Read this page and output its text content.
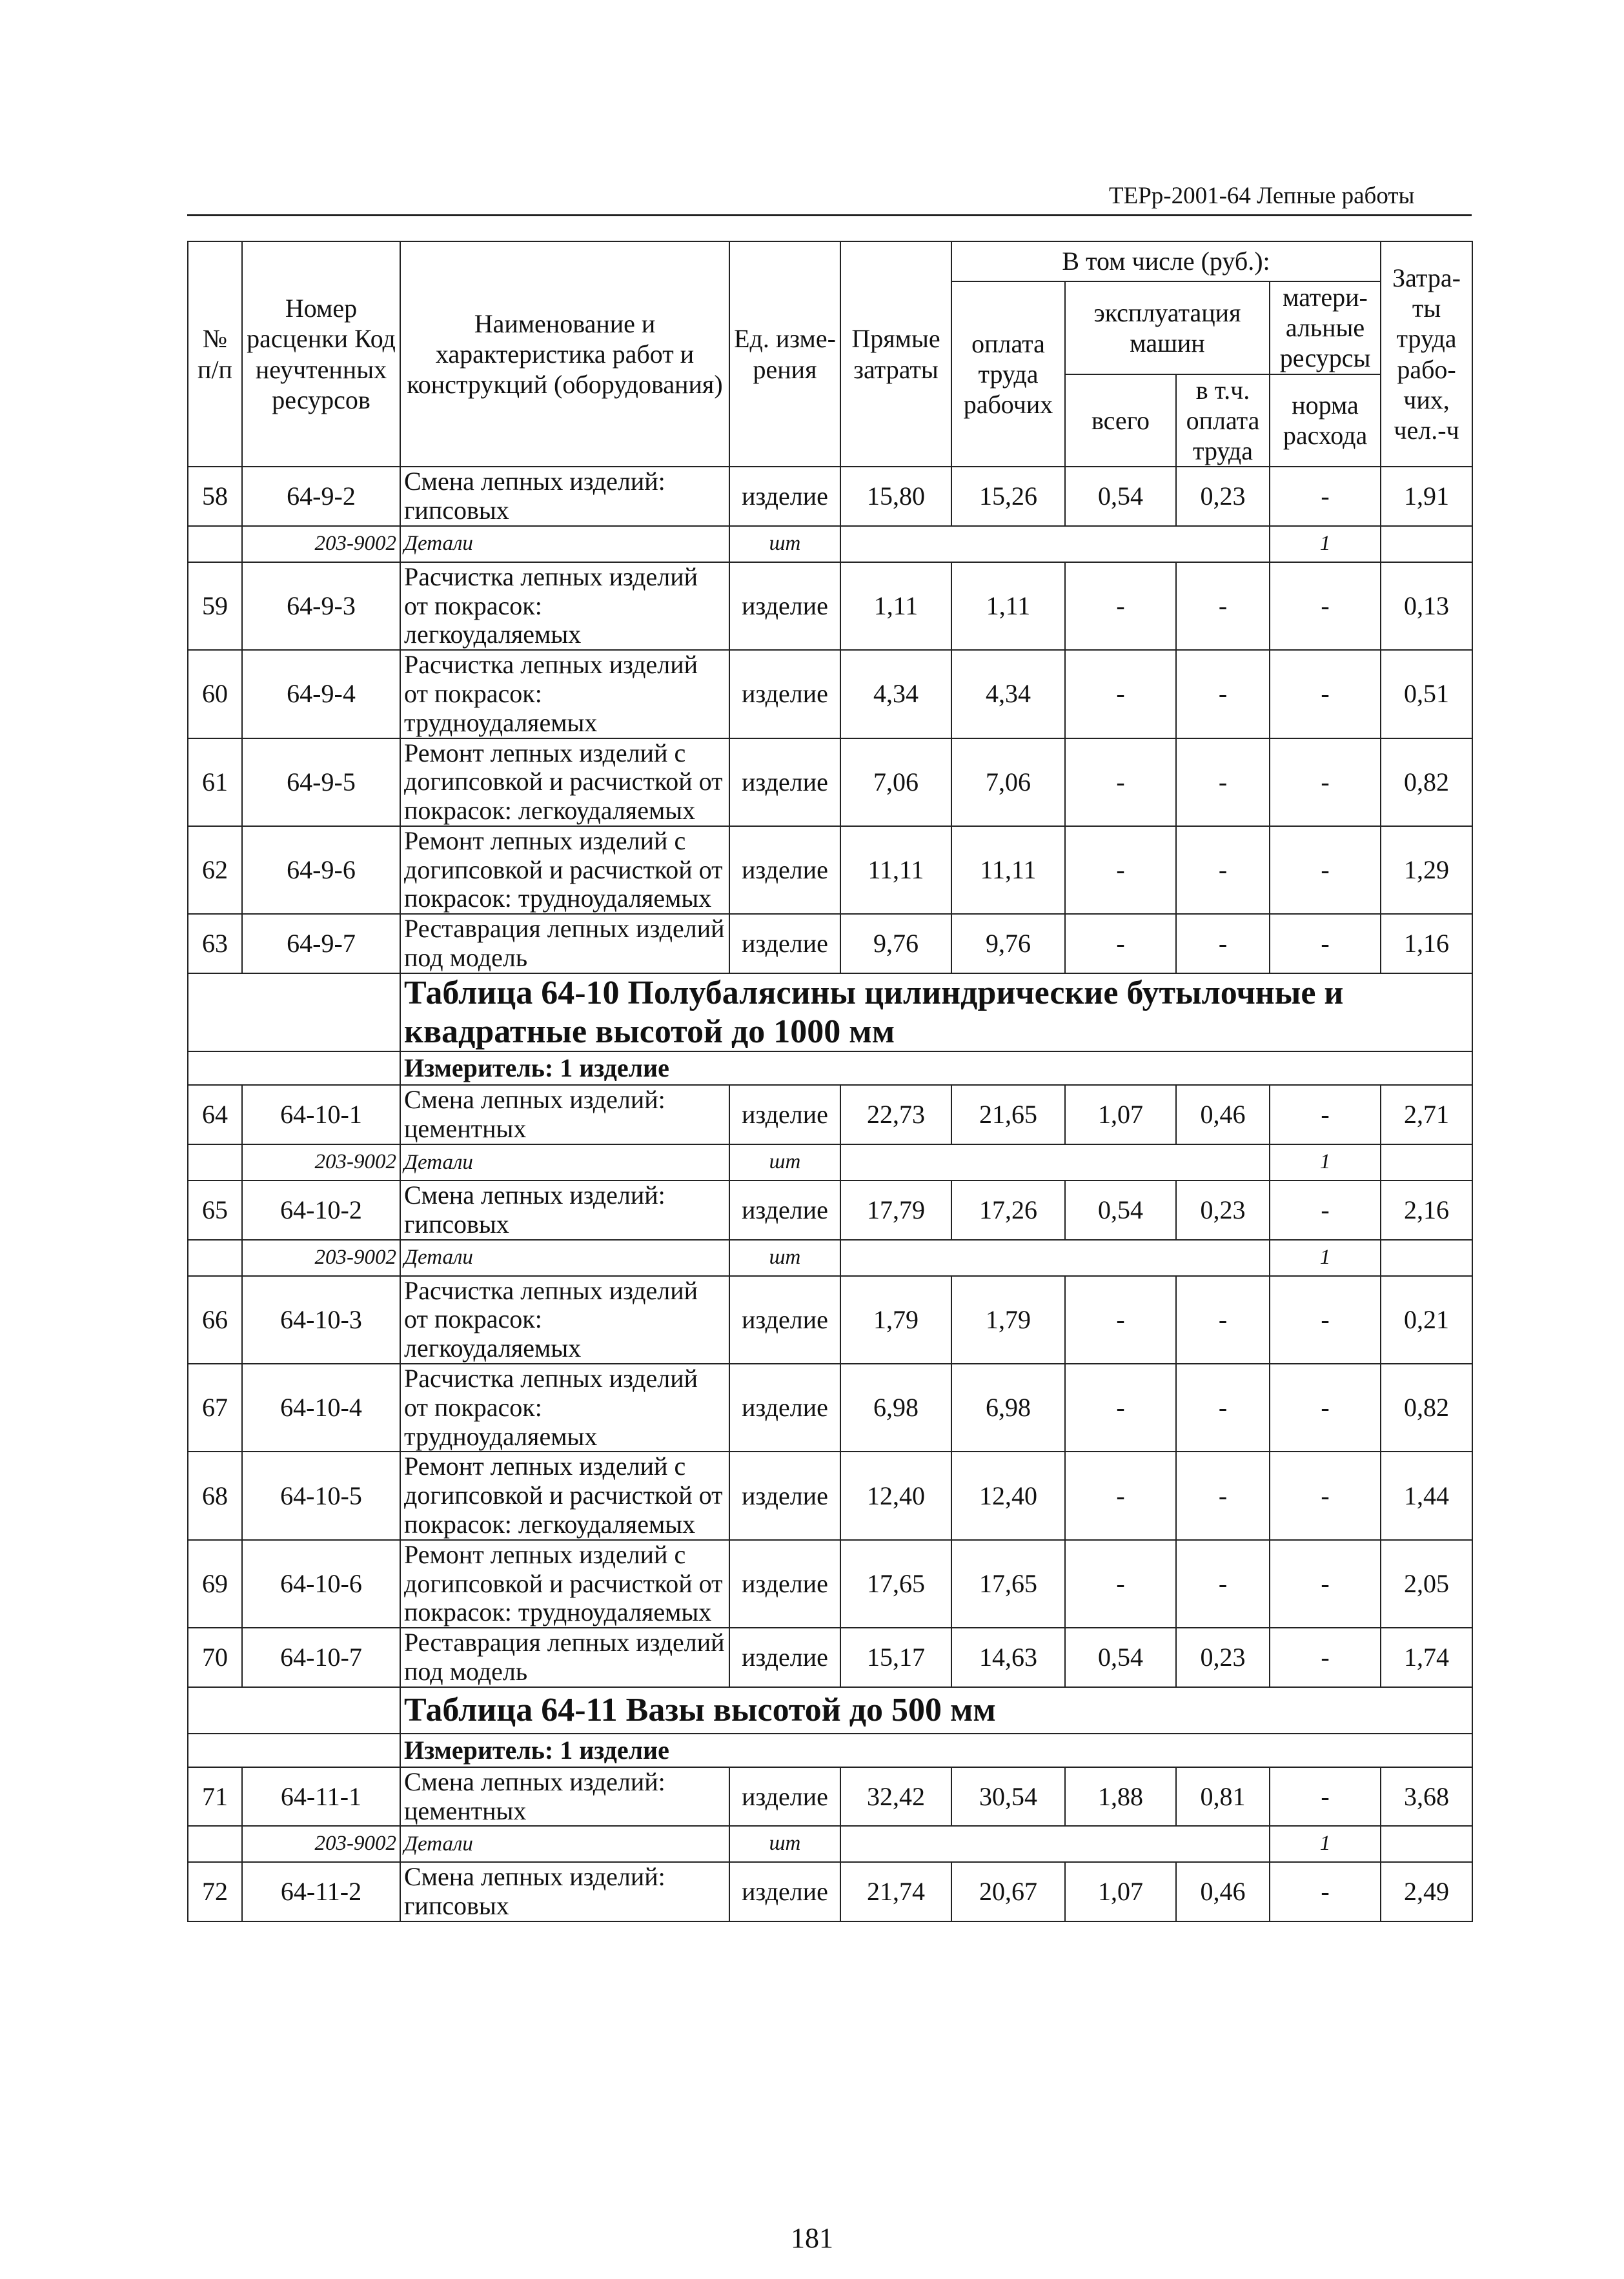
ТЕРр-2001-64 Лепные работы
№ п/п	Номер расценки Код неучтенных ресурсов	Наименование и характеристика работ и конструкций (оборудования)	Ед. изме-рения	Прямые затраты	В том числе (руб.):				Затра-ты труда рабо-чих, чел.-ч
					оплата труда рабочих	эксплуатация машин		матери-альные ресурсы	
						всего	в т.ч. оплата труда	норма расхода	

58	64-9-2	Смена лепных изделий: гипсовых	изделие	15,80	15,26	0,54	0,23	-	1,91
	203-9002	Детали	шт					1	
59	64-9-3	Расчистка лепных изделий от покрасок: легкоудаляемых	изделие	1,11	1,11	-	-	-	0,13
60	64-9-4	Расчистка лепных изделий от покрасок: трудноудаляемых	изделие	4,34	4,34	-	-	-	0,51
61	64-9-5	Ремонт лепных изделий с догипсовкой и расчисткой от покрасок: легкоудаляемых	изделие	7,06	7,06	-	-	-	0,82
62	64-9-6	Ремонт лепных изделий с догипсовкой и расчисткой от покрасок: трудноудаляемых	изделие	11,11	11,11	-	-	-	1,29
63	64-9-7	Реставрация лепных изделий под модель	изделие	9,76	9,76	-	-	-	1,16
		Таблица 64-10 Полубалясины цилиндрические бутылочные и квадратные высотой до 1000 мм							
		Измеритель: 1 изделие							
64	64-10-1	Смена лепных изделий: цементных	изделие	22,73	21,65	1,07	0,46	-	2,71
	203-9002	Детали	шт					1	
65	64-10-2	Смена лепных изделий: гипсовых	изделие	17,79	17,26	0,54	0,23	-	2,16
	203-9002	Детали	шт					1	
66	64-10-3	Расчистка лепных изделий от покрасок: легкоудаляемых	изделие	1,79	1,79	-	-	-	0,21
67	64-10-4	Расчистка лепных изделий от покрасок: трудноудаляемых	изделие	6,98	6,98	-	-	-	0,82
68	64-10-5	Ремонт лепных изделий с догипсовкой и расчисткой от покрасок: легкоудаляемых	изделие	12,40	12,40	-	-	-	1,44
69	64-10-6	Ремонт лепных изделий с догипсовкой и расчисткой от покрасок: трудноудаляемых	изделие	17,65	17,65	-	-	-	2,05
70	64-10-7	Реставрация лепных изделий под модель	изделие	15,17	14,63	0,54	0,23	-	1,74
		Таблица 64-11 Вазы высотой до 500 мм							
		Измеритель: 1 изделие							
71	64-11-1	Смена лепных изделий: цементных	изделие	32,42	30,54	1,88	0,81	-	3,68
	203-9002	Детали	шт					1	
72	64-11-2	Смена лепных изделий: гипсовых	изделие	21,74	20,67	1,07	0,46	-	2,49
181
